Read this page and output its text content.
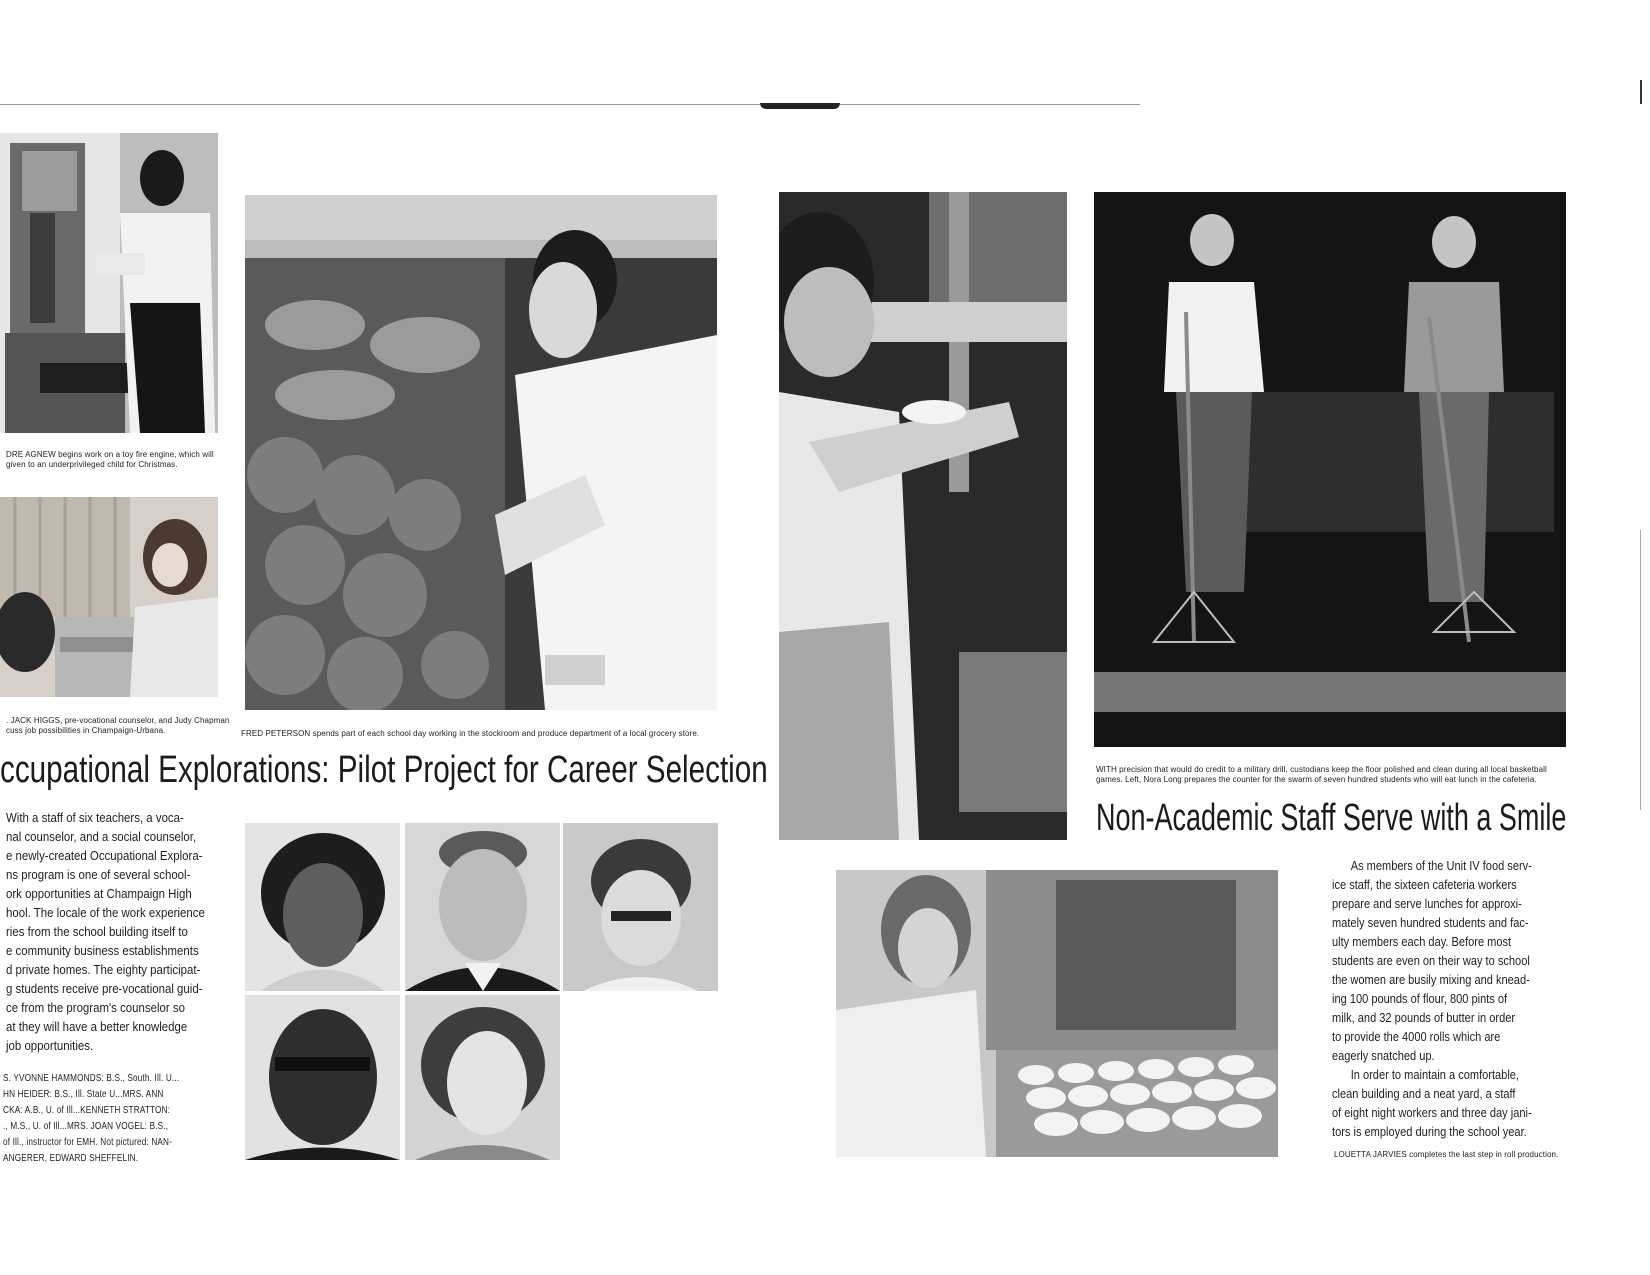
DRE AGNEW begins work on a toy fire engine, which will
given to an underprivileged child for Christmas.
. JACK HIGGS, pre-vocational counselor, and Judy Chapman
cuss job possibilities in Champaign-Urbana.	FRED PETERSON spends part of each school day working in the stockroom and produce department of a local grocery store.
ccupational Explorations: Pilot Project for Career Selection

With a staff of six teachers, a voca-

nal counselor, and a social counselor,

e newly-created Occupational Explora-

ns program is one of several school-

ork opportunities at Champaign High

hool. The locale of the work experience

ries from the school building itself to

e community business establishments

d private homes. The eighty participat-

g students receive pre-vocational guid-

ce from the program's counselor so

at they will have a better knowledge

job opportunities.

S. YVONNE HAMMONDS: B.S., South. Ill. U...
HN HEIDER: B.S., Ill. State U...MRS. ANN
CKA: A.B., U. of Ill...KENNETH STRATTON:
., M.S., U. of Ill...MRS. JOAN VOGEL: B.S.,
of Ill., instructor for EMH. Not pictured: NAN-
ANGERER, EDWARD SHEFFELIN.
WITH precision that would do credit to a military drill, custodians keep the floor polished and clean during all local basketball
games. Left, Nora Long prepares the counter for the swarm of seven hundred students who will eat lunch in the cafeteria.
Non-Academic Staff Serve with a Smile

As members of the Unit IV food serv-

ice staff, the sixteen cafeteria workers

prepare and serve lunches for approxi-

mately seven hundred students and fac-

ulty members each day. Before most

students are even on their way to school

the women are busily mixing and knead-

ing 100 pounds of flour, 800 pints of

milk, and 32 pounds of butter in order

to provide the 4000 rolls which are

eagerly snatched up.

In order to maintain a comfortable,

clean building and a neat yard, a staff

of eight night workers and three day jani-

tors is employed during the school year.

LOUETTA JARVIES completes the last step in roll production.
